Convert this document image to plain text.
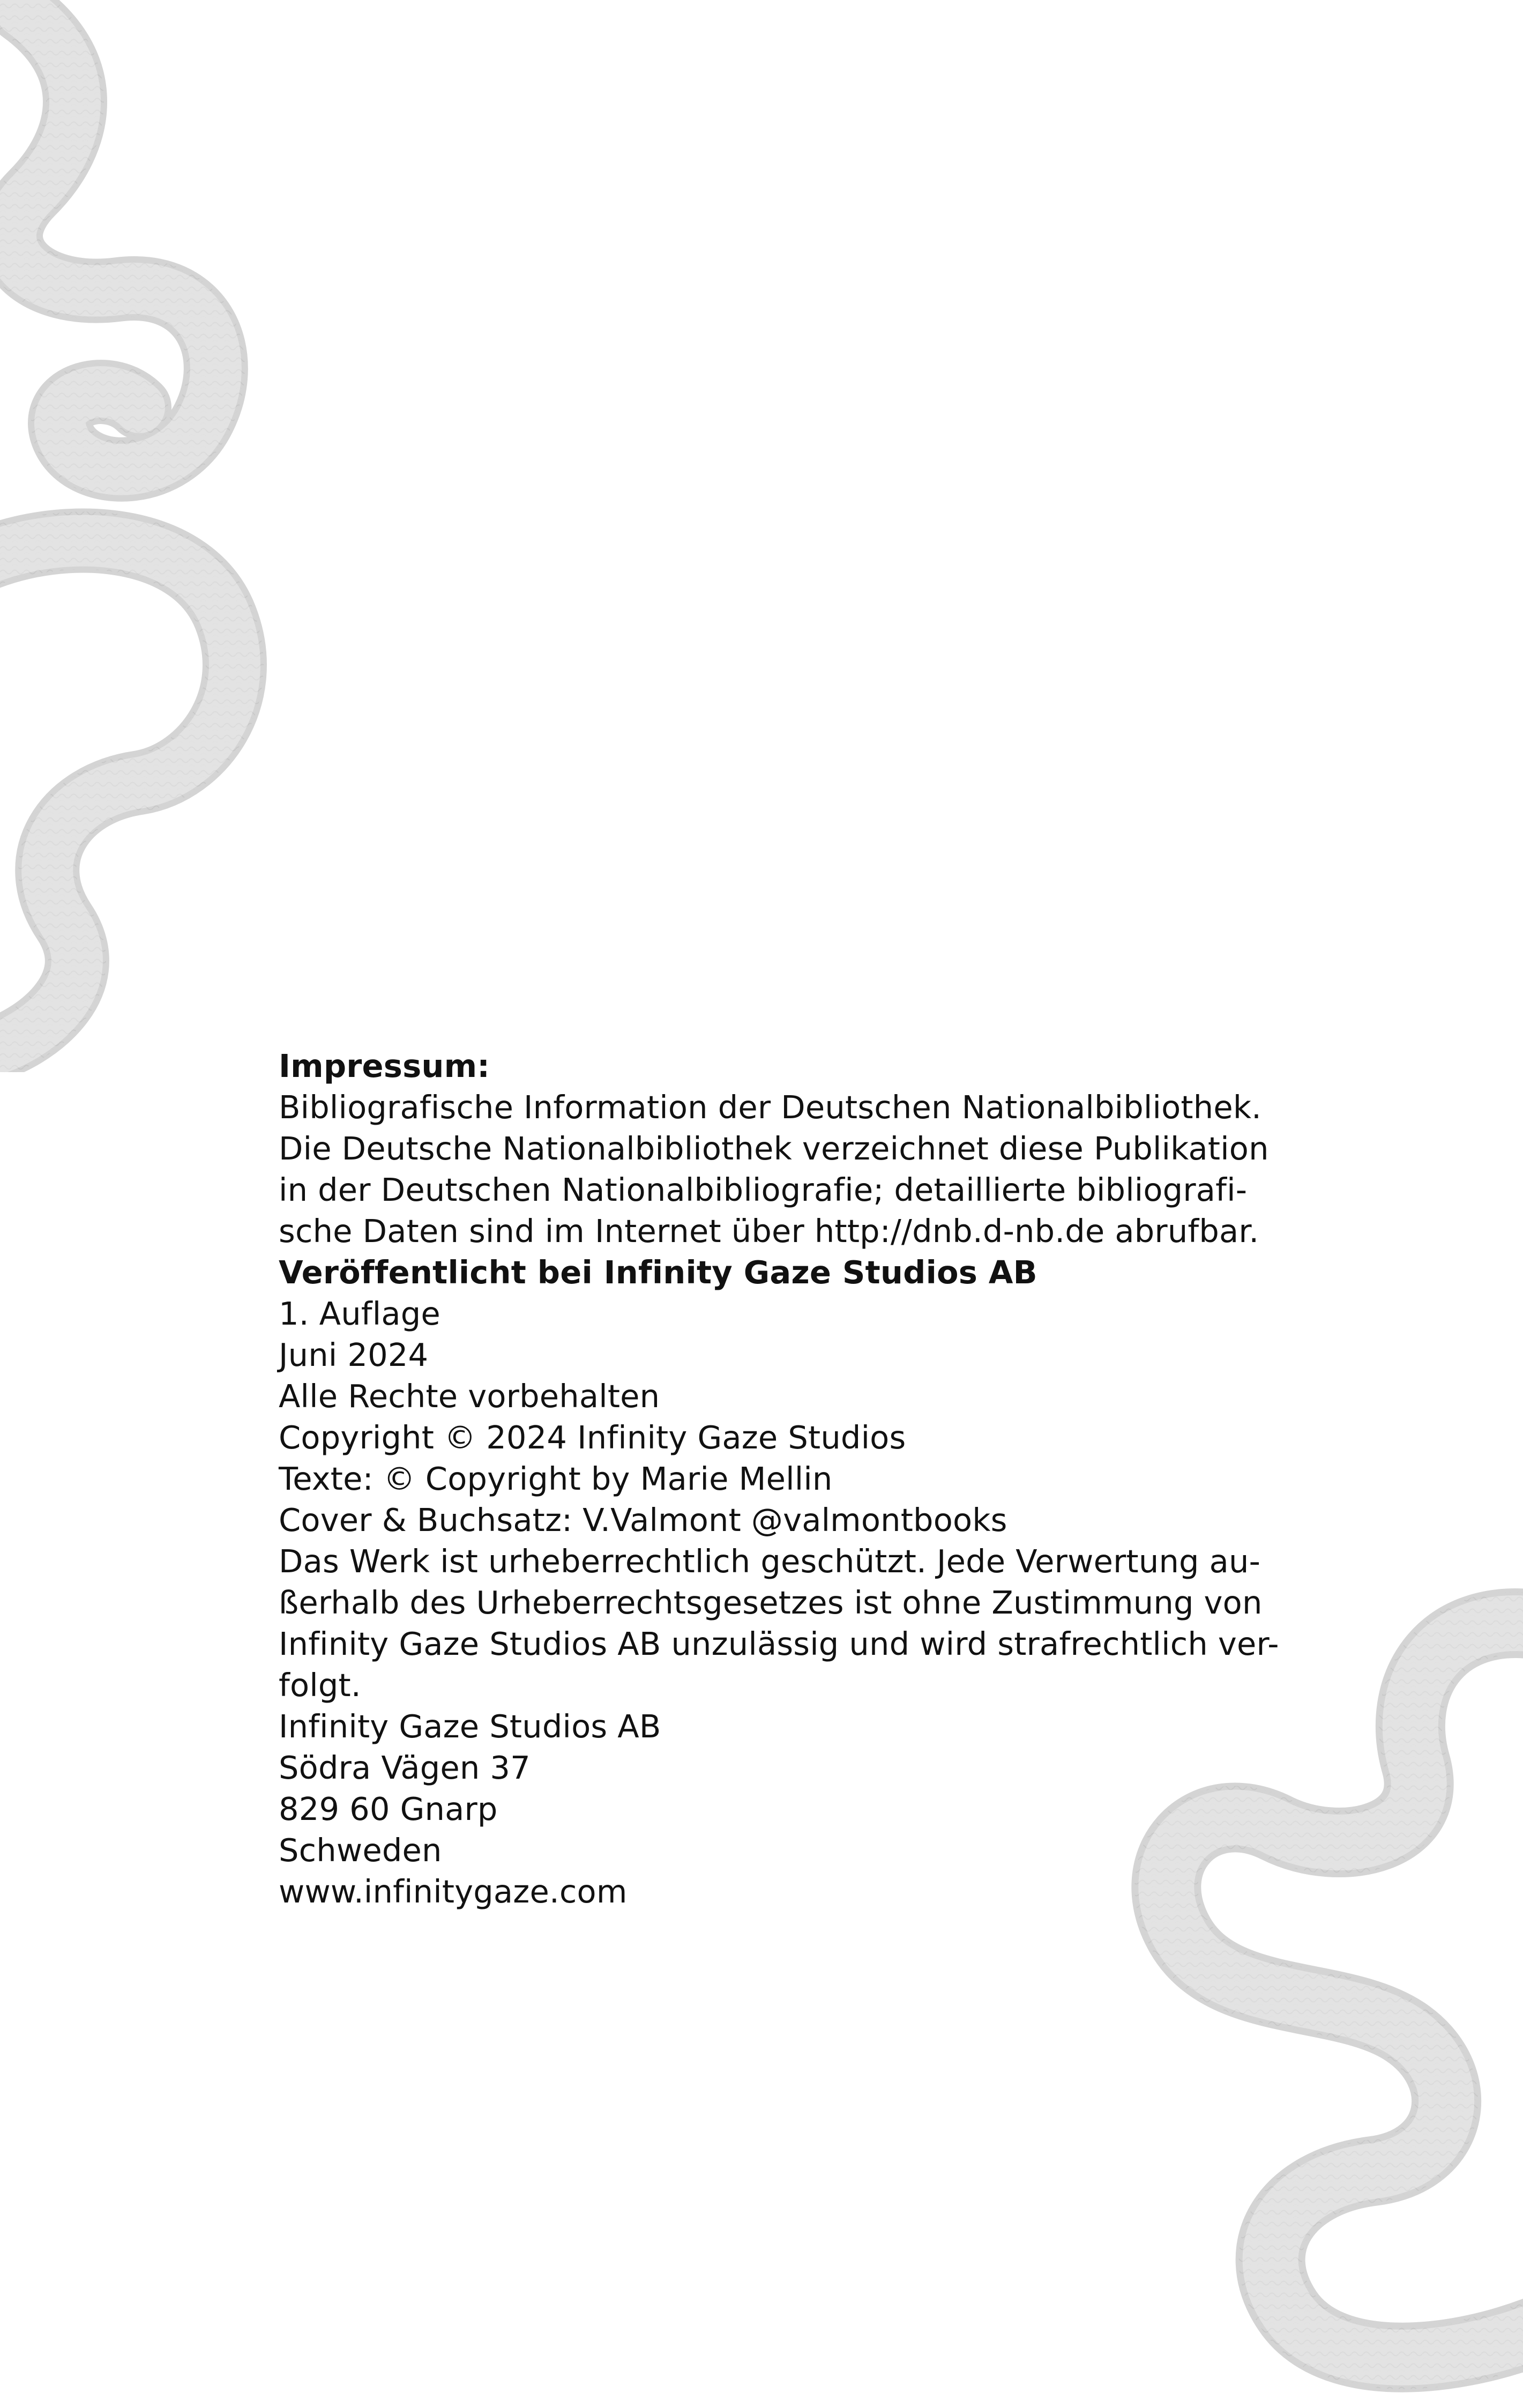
Impressum:
Bibliografische Information der Deutschen Nationalbibliothek.
Die Deutsche Nationalbibliothek verzeichnet diese Publikation
in der Deutschen Nationalbibliografie; detaillierte bibliografi-
sche Daten sind im Internet über http://dnb.d-nb.de abrufbar.
Veröffentlicht bei Infinity Gaze Studios AB
1. Auflage
Juni 2024
Alle Rechte vorbehalten
Copyright © 2024 Infinity Gaze Studios
Texte: © Copyright by Marie Mellin
Cover & Buchsatz: V.Valmont @valmontbooks
Das Werk ist urheberrechtlich geschützt. Jede Verwertung au-
ßerhalb des Urheberrechtsgesetzes ist ohne Zustimmung von
Infinity Gaze Studios AB unzulässig und wird strafrechtlich ver-
folgt.
Infinity Gaze Studios AB
Södra Vägen 37
829 60 Gnarp
Schweden
www.infinitygaze.com
